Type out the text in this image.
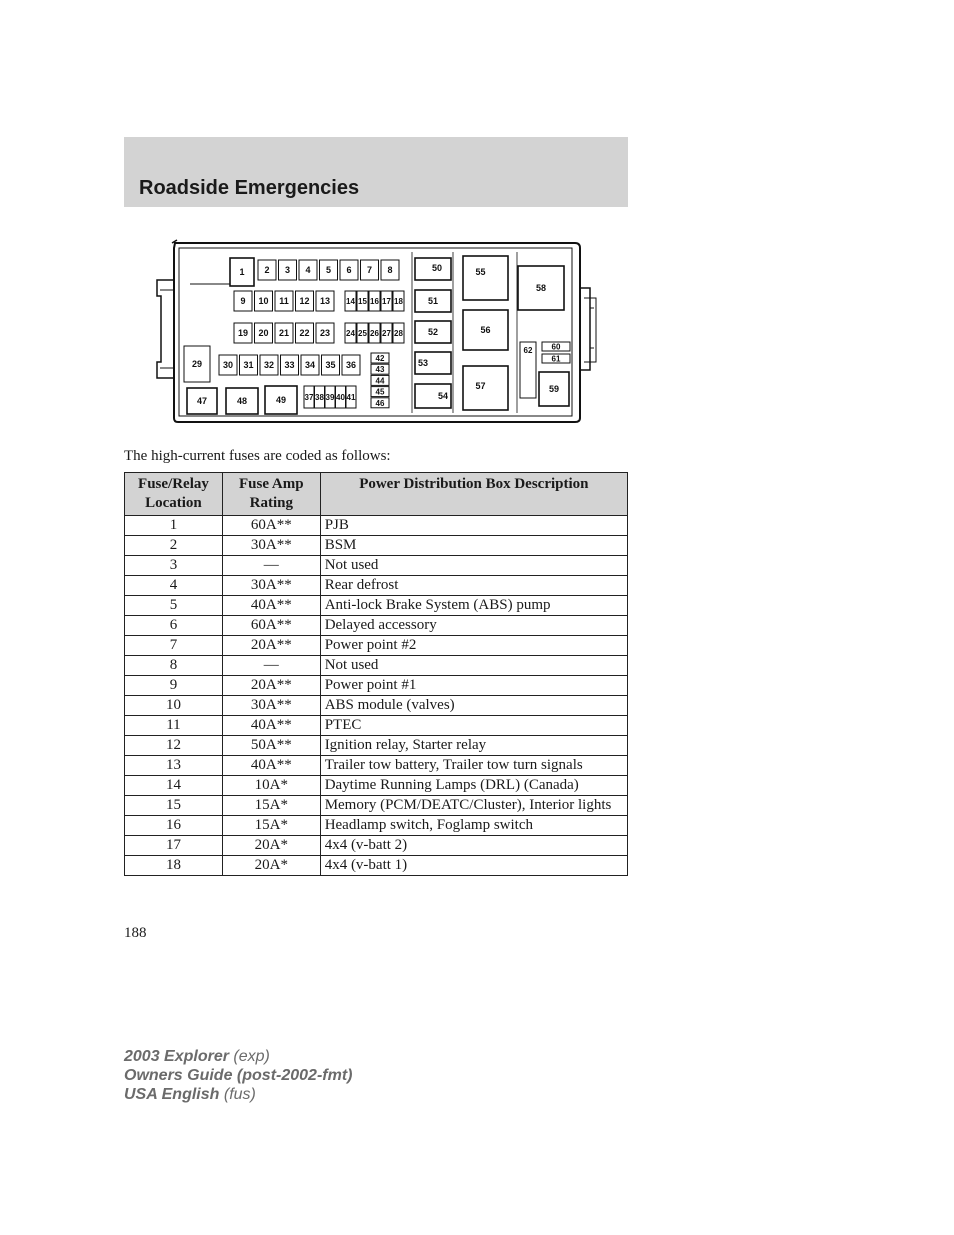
Roadside Emergencies
1 2 3 4 5 6 7 8
9 10 11 12 13 14 15 16 17 18
19 20 21 22 23 24 25 26 27 28
29 30 31 32 33 34 35 36
42
43
44
45
46
47	48	49 37 38 39 40 41
50
51
52
53
54
55
56
57
58
59
60
61
62
The high-current fuses are coded as follows:
Fuse/Relay Location	Fuse Amp Rating	Power Distribution Box Description
1	60A**	PJB
2	30A**	BSM
3	—	Not used
4	30A**	Rear defrost
5	40A**	Anti-lock Brake System (ABS) pump
6	60A**	Delayed accessory
7	20A**	Power point #2
8	—	Not used
9	20A**	Power point #1
10	30A**	ABS module (valves)
11	40A**	PTEC
12	50A**	Ignition relay, Starter relay
13	40A**	Trailer tow battery, Trailer tow turn signals
14	10A*	Daytime Running Lamps (DRL) (Canada)
15	15A*	Memory (PCM/DEATC/Cluster), Interior lights
16	15A*	Headlamp switch, Foglamp switch
17	20A*	4x4 (v-batt 2)
18	20A*	4x4 (v-batt 1)
188
2003 Explorer (exp)
Owners Guide (post-2002-fmt)
USA English (fus)
